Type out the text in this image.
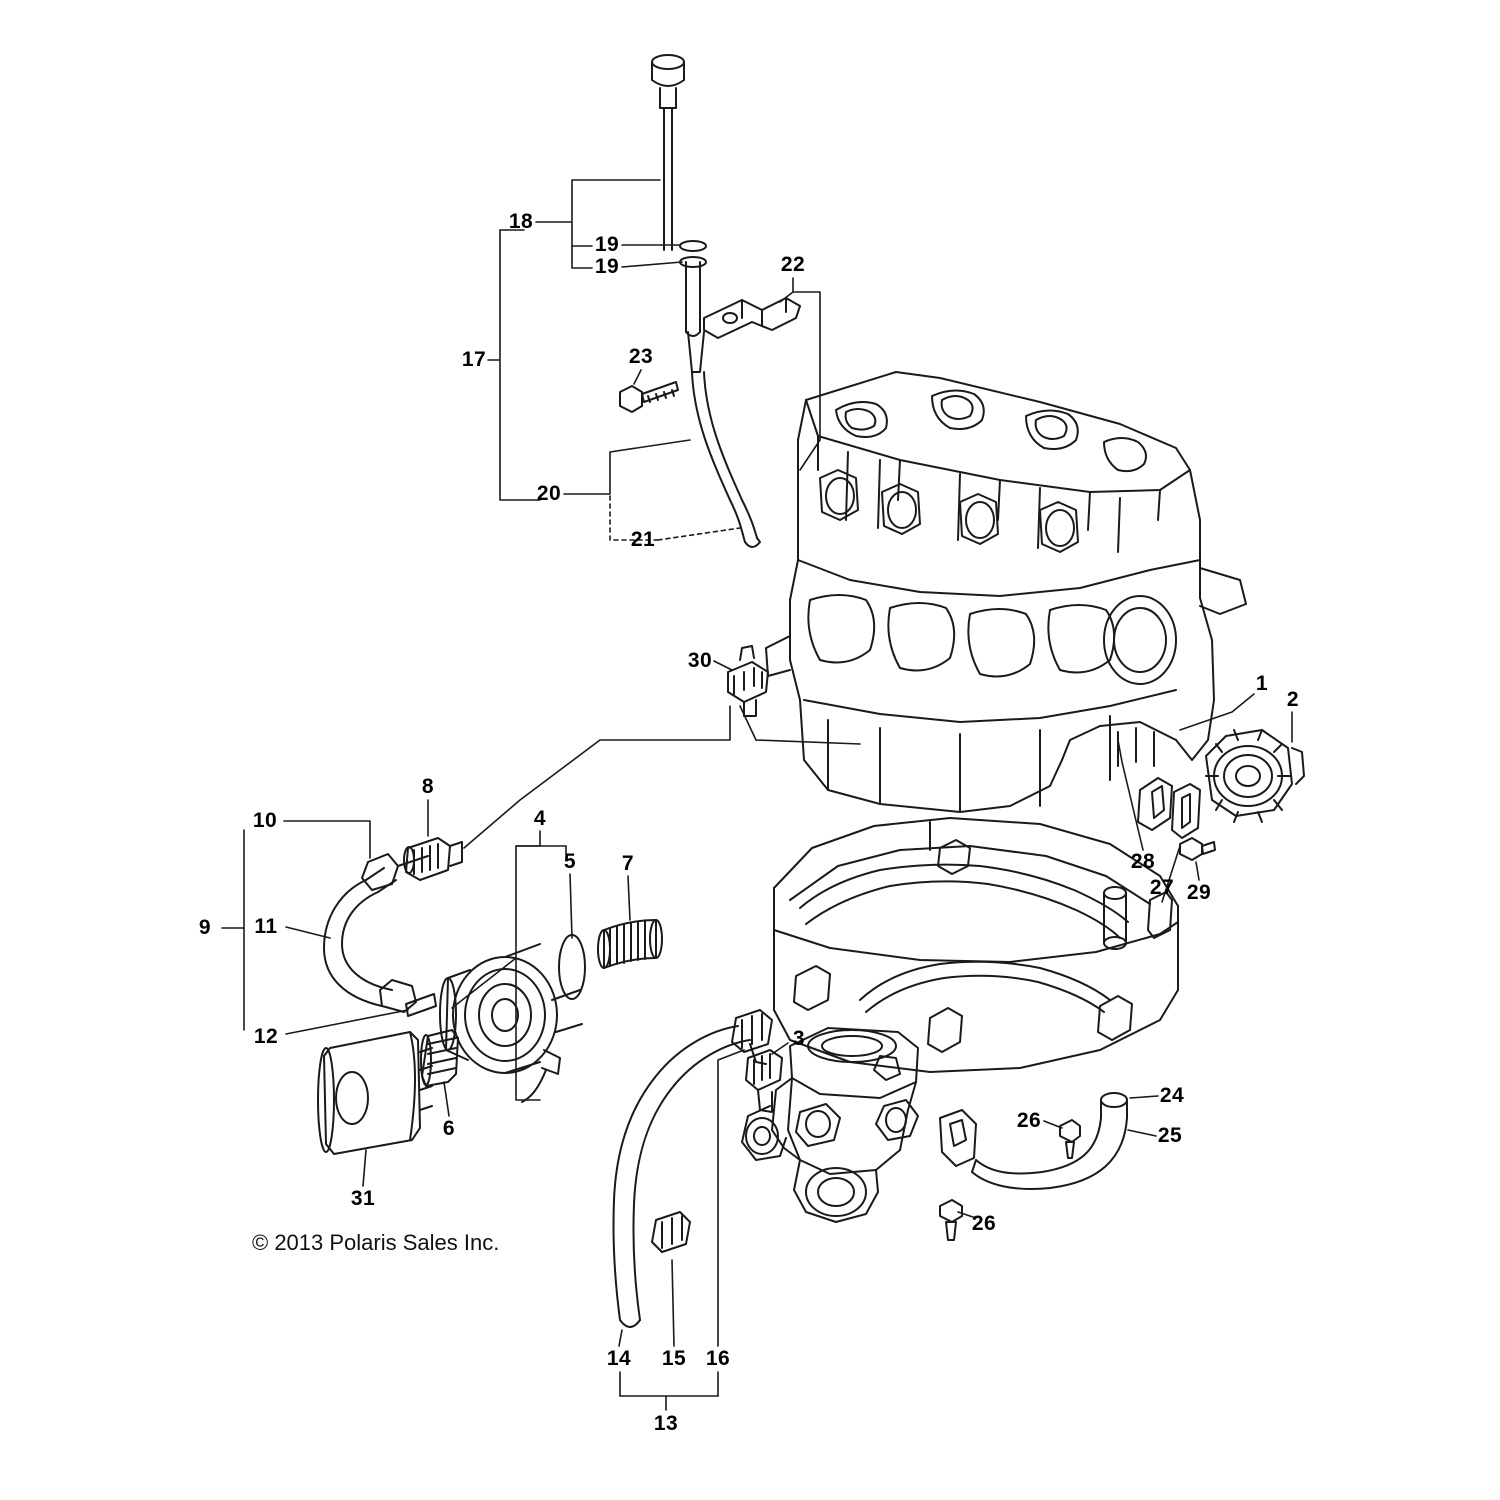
© 2013 Polaris Sales Inc.
1
2
3
4
5
6
7
8
9
10
11
12
13
14 15 16
17
18
19
19
20
21
22
23
24
25
26
26
27
28
29
30
31
